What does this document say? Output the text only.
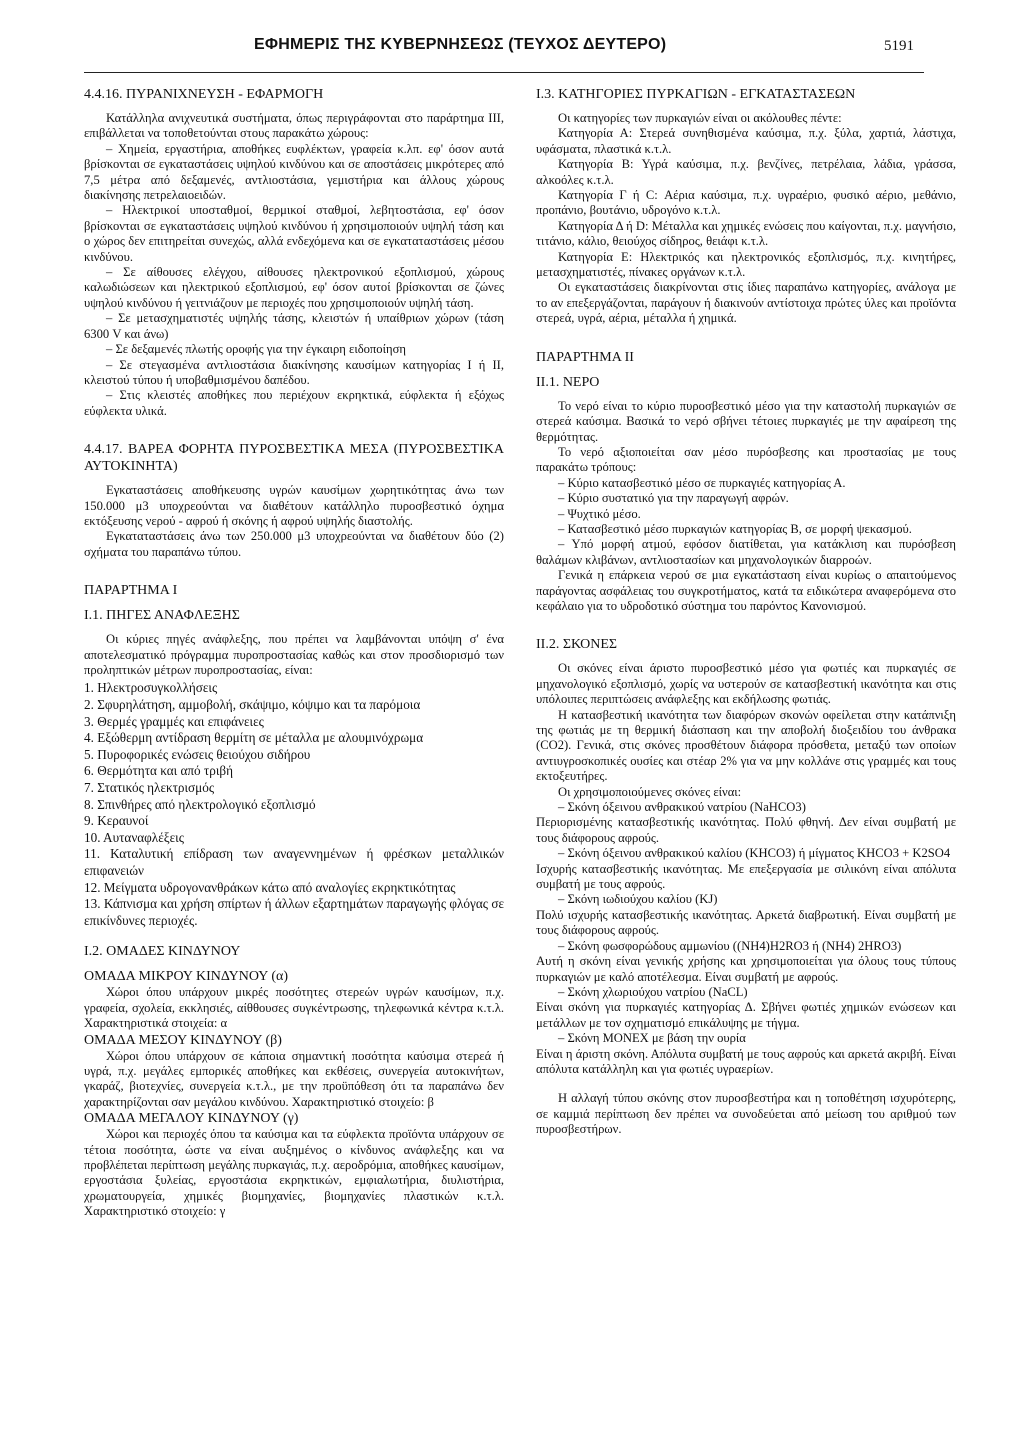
ΕΦΗΜΕΡΙΣ ΤΗΣ ΚΥΒΕΡΝΗΣΕΩΣ (ΤΕΥΧΟΣ ΔΕΥΤΕΡΟ)	5191

4.4.16. ΠΥΡΑΝΙΧΝΕΥΣΗ - ΕΦΑΡΜΟΓΗ

Κατάλληλα ανιχνευτικά συστήματα, όπως περιγράφονται στο παράρτημα III, επιβάλλεται να τοποθετούνται στους παρακάτω χώρους:

– Χημεία, εργαστήρια, αποθήκες ευφλέκτων, γραφεία κ.λπ. εφ' όσον αυτά βρίσκονται σε εγκαταστάσεις υψηλού κινδύνου και σε αποστάσεις μικρότερες από 7,5 μέτρα από δεξαμενές, αντλιοστάσια, γεμιστήρια και άλλους χώρους διακίνησης πετρελαιοειδών.

– Ηλεκτρικοί υποσταθμοί, θερμικοί σταθμοί, λεβητοστάσια, εφ' όσον βρίσκονται σε εγκαταστάσεις υψηλού κινδύνου ή χρησιμοποιούν υψηλή τάση και ο χώρος δεν επιτηρείται συνεχώς, αλλά ενδεχόμενα και σε εγκαταταστάσεις μέσου κινδύνου.

– Σε αίθουσες ελέγχου, αίθουσες ηλεκτρονικού εξοπλισμού, χώρους καλωδιώσεων και ηλεκτρικού εξοπλισμού, εφ' όσον αυτοί βρίσκονται σε ζώνες υψηλού κινδύνου ή γειτνιάζουν με περιοχές που χρησιμοποιούν υψηλή τάση.

– Σε μετασχηματιστές υψηλής τάσης, κλειστών ή υπαίθριων χώρων (τάση 6300 V και άνω)

– Σε δεξαμενές πλωτής οροφής για την έγκαιρη ειδοποίηση

– Σε στεγασμένα αντλιοστάσια διακίνησης καυσίμων κατηγορίας I ή II, κλειστού τύπου ή υποβαθμισμένου δαπέδου.

– Στις κλειστές αποθήκες που περιέχουν εκρηκτικά, εύφλεκτα ή εξόχως εύφλεκτα υλικά.

4.4.17. ΒΑΡΕΑ ΦΟΡΗΤΑ ΠΥΡΟΣΒΕΣΤΙΚΑ ΜΕΣΑ (ΠΥΡΟΣΒΕΣΤΙΚΑ ΑΥΤΟΚΙΝΗΤΑ)

Εγκαταστάσεις αποθήκευσης υγρών καυσίμων χωρητικότητας άνω των 150.000 μ3 υποχρεούνται να διαθέτουν κατάλληλο πυροσβεστικό όχημα εκτόξευσης νερού - αφρού ή σκόνης ή αφρού υψηλής διαστολής.

Εγκαταταστάσεις άνω των 250.000 μ3 υποχρεούνται να διαθέτουν δύο (2) σχήματα του παραπάνω τύπου.

ΠΑΡΑΡΤΗΜΑ I

I.1. ΠΗΓΕΣ ΑΝΑΦΛΕΞΗΣ

Οι κύριες πηγές ανάφλεξης, που πρέπει να λαμβάνονται υπόψη σ' ένα αποτελεσματικό πρόγραμμα πυροπροστασίας καθώς και στον προσδιορισμό των προληπτικών μέτρων πυροπροστασίας, είναι:

1. Ηλεκτροσυγκολλήσεις
2. Σφυρηλάτηση, αμμοβολή, σκάψιμο, κόψιμο και τα παρόμοια
3. Θερμές γραμμές και επιφάνειες
4. Εξώθερμη αντίδραση θερμίτη σε μέταλλα με αλουμινόχρωμα
5. Πυροφορικές ενώσεις θειούχου σιδήρου
6. Θερμότητα και από τριβή
7. Στατικός ηλεκτρισμός
8. Σπινθήρες από ηλεκτρολογικό εξοπλισμό
9. Κεραυνοί
10. Αυταναφλέξεις
11. Καταλυτική επίδραση των αναγεννημένων ή φρέσκων μεταλλικών επιφανειών
12. Μείγματα υδρογονανθράκων κάτω από αναλογίες εκρηκτικότητας
13. Κάπνισμα και χρήση σπίρτων ή άλλων εξαρτημάτων παραγωγής φλόγας σε επικίνδυνες περιοχές.

I.2. ΟΜΑΔΕΣ ΚΙΝΔΥΝΟΥ

ΟΜΑΔΑ ΜΙΚΡΟΥ ΚΙΝΔΥΝΟΥ (α)

Χώροι όπου υπάρχουν μικρές ποσότητες στερεών υγρών καυσίμων, π.χ. γραφεία, σχολεία, εκκλησιές, αίθθουσες συγκέντρωσης, τηλεφωνικά κέντρα κ.τ.λ. Χαρακτηριστικά στοιχεία: α

ΟΜΑΔΑ ΜΕΣΟΥ ΚΙΝΔΥΝΟΥ (β)

Χώροι όπου υπάρχουν σε κάποια σημαντική ποσότητα καύσιμα στερεά ή υγρά, π.χ. μεγάλες εμπορικές αποθήκες και εκθέσεις, συνεργεία αυτοκινήτων, γκαράζ, βιοτεχνίες, συνεργεία κ.τ.λ., με την προϋπόθεση ότι τα παραπάνω δεν χαρακτηρίζονται σαν μεγάλου κινδύνου. Χαρακτηριστικό στοιχείο: β

ΟΜΑΔΑ ΜΕΓΑΛΟΥ ΚΙΝΔΥΝΟΥ (γ)

Χώροι και περιοχές όπου τα καύσιμα και τα εύφλεκτα προϊόντα υπάρχουν σε τέτοια ποσότητα, ώστε να είναι αυξημένος ο κίνδυνος ανάφλεξης και να προβλέπεται περίπτωση μεγάλης πυρκαγιάς, π.χ. αεροδρόμια, αποθήκες καυσίμων, εργοστάσια ξυλείας, εργοστάσια εκρηκτικών, εμφιαλωτήρια, διυλιστήρια, χρωματουργεία, χημικές βιομηχανίες, βιομηχανίες πλαστικών κ.τ.λ. Χαρακτηριστικό στοιχείο: γ

I.3. ΚΑΤΗΓΟΡΙΕΣ ΠΥΡΚΑΓΙΩΝ - ΕΓΚΑΤΑΣΤΑΣΕΩΝ

Οι κατηγορίες των πυρκαγιών είναι οι ακόλουθες πέντε:

Κατηγορία Α: Στερεά συνηθισμένα καύσιμα, π.χ. ξύλα, χαρτιά, λάστιχα, υφάσματα, πλαστικά κ.τ.λ.

Κατηγορία Β: Υγρά καύσιμα, π.χ. βενζίνες, πετρέλαια, λάδια, γράσσα, αλκοόλες κ.τ.λ.

Κατηγορία Γ ή C: Αέρια καύσιμα, π.χ. υγραέριο, φυσικό αέριο, μεθάνιο, προπάνιο, βουτάνιο, υδρογόνο κ.τ.λ.

Κατηγορία Δ ή D: Μέταλλα και χημικές ενώσεις που καίγονται, π.χ. μαγνήσιο, τιτάνιο, κάλιο, θειούχος σίδηρος, θειάφι κ.τ.λ.

Κατηγορία Ε: Ηλεκτρικός και ηλεκτρονικός εξοπλισμός, π.χ. κινητήρες, μετασχηματιστές, πίνακες οργάνων κ.τ.λ.

Οι εγκαταστάσεις διακρίνονται στις ίδιες παραπάνω κατηγορίες, ανάλογα με το αν επεξεργάζονται, παράγουν ή διακινούν αντίστοιχα πρώτες ύλες και προϊόντα στερεά, υγρά, αέρια, μέταλλα ή χημικά.

ΠΑΡΑΡΤΗΜΑ II

II.1. ΝΕΡΟ

Το νερό είναι το κύριο πυροσβεστικό μέσο για την καταστολή πυρκαγιών σε στερεά καύσιμα. Βασικά το νερό σβήνει τέτοιες πυρκαγιές με την αφαίρεση της θερμότητας.

Το νερό αξιοποιείται σαν μέσο πυρόσβεσης και προστασίας με τους παρακάτω τρόπους:

– Κύριο κατασβεστικό μέσο σε πυρκαγιές κατηγορίας Α.

– Κύριο συστατικό για την παραγωγή αφρών.

– Ψυχτικό μέσο.

– Κατασβεστικό μέσο πυρκαγιών κατηγορίας Β, σε μορφή ψεκασμού.

– Υπό μορφή ατμού, εφόσον διατίθεται, για κατάκλιση και πυρόσβεση θαλάμων κλιβάνων, αντλιοστασίων και μηχανολογικών διαρροών.

Γενικά η επάρκεια νερού σε μια εγκατάσταση είναι κυρίως ο απαιτούμενος παράγοντας ασφάλειας του συγκροτήματος, κατά τα ειδικώτερα αναφερόμενα στο κεφάλαιο για το υδροδοτικό σύστημα του παρόντος Κανονισμού.

II.2. ΣΚΟΝΕΣ

Οι σκόνες είναι άριστο πυροσβεστικό μέσο για φωτιές και πυρκαγιές σε μηχανολογικό εξοπλισμό, χωρίς να υστερούν σε κατασβεστική ικανότητα και στις υπόλοιπες περιπτώσεις ανάφλεξης και εκδήλωσης φωτιάς.

Η κατασβεστική ικανότητα των διαφόρων σκονών οφείλεται στην κατάπνιξη της φωτιάς με τη θερμική διάσπαση και την αποβολή διοξειδίου του άνθρακα (CO2). Γενικά, στις σκόνες προσθέτουν διάφορα πρόσθετα, μεταξύ των οποίων αντιυγροσκοπικές ουσίες και στέαρ 2% για να μην κολλάνε στις γραμμές και τους εκτοξευτήρες.

Οι χρησιμοποιούμενες σκόνες είναι:

– Σκόνη όξεινου ανθρακικού νατρίου (NaHCO3)

Περιορισμένης κατασβεστικής ικανότητας. Πολύ φθηνή. Δεν είναι συμβατή με τους διάφορους αφρούς.

– Σκόνη όξεινου ανθρακικού καλίου (KHCO3) ή μίγματος KHCO3 + K2SO4

Ισχυρής κατασβεστικής ικανότητας. Με επεξεργασία με σιλικόνη είναι απόλυτα συμβατή με τους αφρούς.

– Σκόνη ιωδιούχου καλίου (KJ)

Πολύ ισχυρής κατασβεστικής ικανότητας. Αρκετά διαβρωτική. Είναι συμβατή με τους διάφορους αφρούς.

– Σκόνη φωσφορώδους αμμωνίου ((NH4)H2RO3 ή (NH4) 2HRO3)

Αυτή η σκόνη είναι γενικής χρήσης και χρησιμοποιείται για όλους τους τύπους πυρκαγιών με καλό αποτέλεσμα. Είναι συμβατή με αφρούς.

– Σκόνη χλωριούχου νατρίου (NaCL)

Είναι σκόνη για πυρκαγιές κατηγορίας Δ. Σβήνει φωτιές χημικών ενώσεων και μετάλλων με τον σχηματισμό επικάλυψης με τήγμα.

– Σκόνη MONEX με βάση την ουρία

Είναι η άριστη σκόνη. Απόλυτα συμβατή με τους αφρούς και αρκετά ακριβή. Είναι απόλυτα κατάλληλη και για φωτιές υγραερίων.

Η αλλαγή τύπου σκόνης στον πυροσβεστήρα και η τοποθέτηση ισχυρότερης, σε καμμιά περίπτωση δεν πρέπει να συνοδεύεται από μείωση του αριθμού των πυροσβεστήρων.
